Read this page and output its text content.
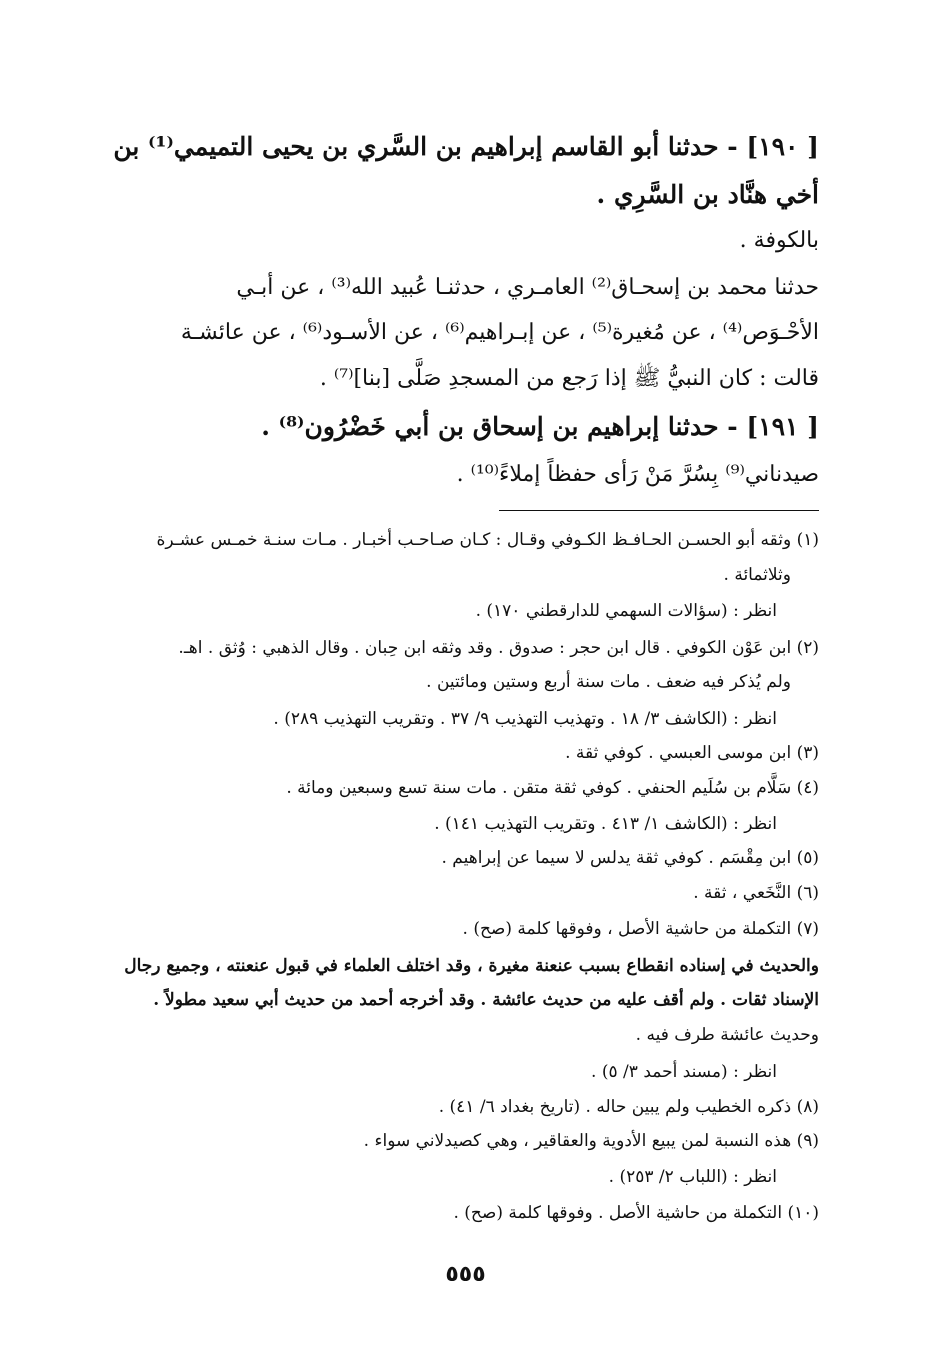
[ ١٩٠] - حدثنا أبو القاسم إبراهيم بن السَّري بن يحيى التميمي⁽¹⁾ بن
أخي هنَّاد بن السَّرِي .
بالكوفة .
حدثنا محمد بن إسحـاق⁽²⁾ العامـري ، حدثنـا عُبيد الله⁽³⁾ ، عن أبـي
الأحْـوَص⁽⁴⁾ ، عن مُغيرة⁽⁵⁾ ، عن إبـراهيم⁽⁶⁾ ، عن الأسـود⁽⁶⁾ ، عن عائشـة
قالت : كان النبيُّ ﷺ إذا رَجع من المسجدِ صَلَّى [بنا]⁽⁷⁾ .
[ ١٩١] - حدثنا إبراهيم بن إسحاق بن أبي خَضْرُون⁽⁸⁾ .
صيدناني⁽⁹⁾ بِسُرَّ مَنْ رَأى حفظاً إملاءً⁽¹⁰⁾ .
(١) وثقه أبو الحسـن الحـافـظ الكـوفي وقـال : كـان صـاحـب أخبـار . مـات سنـة خمـس عشـرة
وثلاثمائة .
انظر : (سؤالات السهمي للدارقطني ١٧٠) .
(٢) ابن عَوْن الكوفي . قال ابن حجر : صدوق . وقد وثقه ابن حِبان . وقال الذهبي : وُثق . اهـ.
ولم يُذكر فيه ضعف . مات سنة أربع وستين ومائتين .
انظر : (الكاشف ٣/ ١٨ . وتهذيب التهذيب ٩/ ٣٧ . وتقريب التهذيب ٢٨٩) .
(٣) ابن موسى العبسي . كوفي ثقة .
(٤) سَلَّام بن سُلَيم الحنفي . كوفي ثقة متقن . مات سنة تسع وسبعين ومائة .
انظر : (الكاشف ١/ ٤١٣ . وتقريب التهذيب ١٤١) .
(٥) ابن مِقْسَم . كوفي ثقة يدلس لا سيما عن إبراهيم .
(٦) النَّخَعي ، ثقة .
(٧) التكملة من حاشية الأصل ، وفوقها كلمة (صح) .
والحديث في إسناده انقطاع بسبب عنعنة مغيرة ، وقد اختلف العلماء في قبول عنعنته ، وجميع رجال
الإسناد ثقات . ولم أقف عليه من حديث عائشة . وقد أخرجه أحمد من حديث أبي سعيد مطولاً .
وحديث عائشة طرف فيه .
انظر : (مسند أحمد ٣/ ٥) .
(٨) ذكره الخطيب ولم يبين حاله . (تاريخ بغداد ٦/ ٤١) .
(٩) هذه النسبة لمن يبيع الأدوية والعقاقير ، وهي كصيدلاني سواء .
انظر : (اللباب ٢/ ٢٥٣) .
(١٠) التكملة من حاشية الأصل . وفوقها كلمة (صح) .
٥٥٥
